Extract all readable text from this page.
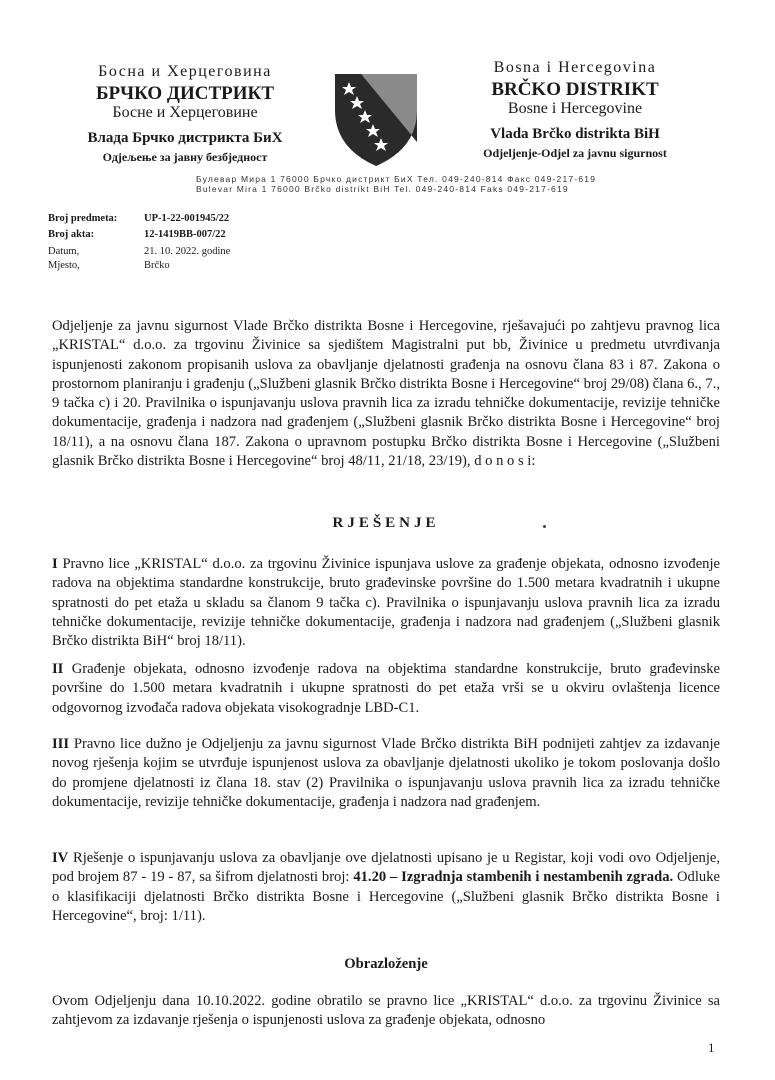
Босна и Херцеговина
БРЧКО ДИСТРИКТ
Босне и Херцеговине
Влада Брчко дистрикта БиХ
Одјељење за јавну безбједност
Bosna i Hercegovina
BRČKO DISTRIKT
Bosne i Hercegovine
Vlada Brčko distrikta BiH
Odjeljenje-Odjel za javnu sigurnost
Булевар Мира 1 76000 Брчко дистрикт БиХ Тел. 049-240-814 Факс 049-217-619
Bulevar Mira 1 76000 Brčko distrikt BiH Tel. 049-240-814 Faks 049-217-619
Broj predmeta:	UP-1-22-001945/22
Broj akta:	12-1419BB-007/22
Datum,	21. 10. 2022. godine
Mjesto,	Brčko

Odjeljenje za javnu sigurnost Vlade Brčko distrikta Bosne i Hercegovine, rješavajući po zahtjevu pravnog lica „KRISTAL“ d.o.o. za trgovinu Živinice sa sjedištem Magistralni put bb, Živinice u predmetu utvrđivanja ispunjenosti zakonom propisanih uslova za obavljanje djelatnosti građenja na osnovu člana 83 i 87. Zakona o prostornom planiranju i građenju („Službeni glasnik Brčko distrikta Bosne i Hercegovine“ broj 29/08) člana 6., 7., 9 tačka c) i 20. Pravilnika o ispunjavanju uslova pravnih lica za izradu tehničke dokumentacije, revizije tehničke dokumentacije, građenja i nadzora nad građenjem („Službeni glasnik Brčko distrikta Bosne i Hercegovine“ broj 18/11), a na osnovu člana 187. Zakona o upravnom postupku Brčko distrikta Bosne i Hercegovine („Službeni glasnik Brčko distrikta Bosne i Hercegovine“ broj 48/11, 21/18, 23/19), d o n o s i:

RJEŠENJE

I Pravno lice „KRISTAL“ d.o.o. za trgovinu Živinice ispunjava uslove za građenje objekata, odnosno izvođenje radova na objektima standardne konstrukcije, bruto građevinske površine do 1.500 metara kvadratnih i ukupne spratnosti do pet etaža u skladu sa članom 9 tačka c). Pravilnika o ispunjavanju uslova pravnih lica za izradu tehničke dokumentacije, revizije tehničke dokumentacije, građenja i nadzora nad građenjem („Službeni glasnik Brčko distrikta BiH“ broj 18/11).

II Građenje objekata, odnosno izvođenje radova na objektima standardne konstrukcije, bruto građevinske površine do 1.500 metara kvadratnih i ukupne spratnosti do pet etaža vrši se u okviru ovlaštenja licence odgovornog izvođača radova objekata visokogradnje LBD-C1.

III Pravno lice dužno je Odjeljenju za javnu sigurnost Vlade Brčko distrikta BiH podnijeti zahtjev za izdavanje novog rješenja kojim se utvrđuje ispunjenost uslova za obavljanje djelatnosti ukoliko je tokom poslovanja došlo do promjene djelatnosti iz člana 18. stav (2) Pravilnika o ispunjavanju uslova pravnih lica za izradu tehničke dokumentacije, revizije tehničke dokumentacije, građenja i nadzora nad građenjem.

IV Rješenje o ispunjavanju uslova za obavljanje ove djelatnosti upisano je u Registar, koji vodi ovo Odjeljenje, pod brojem 87 - 19 - 87, sa šifrom djelatnosti broj: 41.20 – Izgradnja stambenih i nestambenih zgrada. Odluke o klasifikaciji djelatnosti Brčko distrikta Bosne i Hercegovine („Službeni glasnik Brčko distrikta Bosne i Hercegovine“, broj: 1/11).

Obrazloženje

Ovom Odjeljenju dana 10.10.2022. godine obratilo se pravno lice „KRISTAL“ d.o.o. za trgovinu Živinice sa zahtjevom za izdavanje rješenja o ispunjenosti uslova za građenje objekata, odnosno

1
